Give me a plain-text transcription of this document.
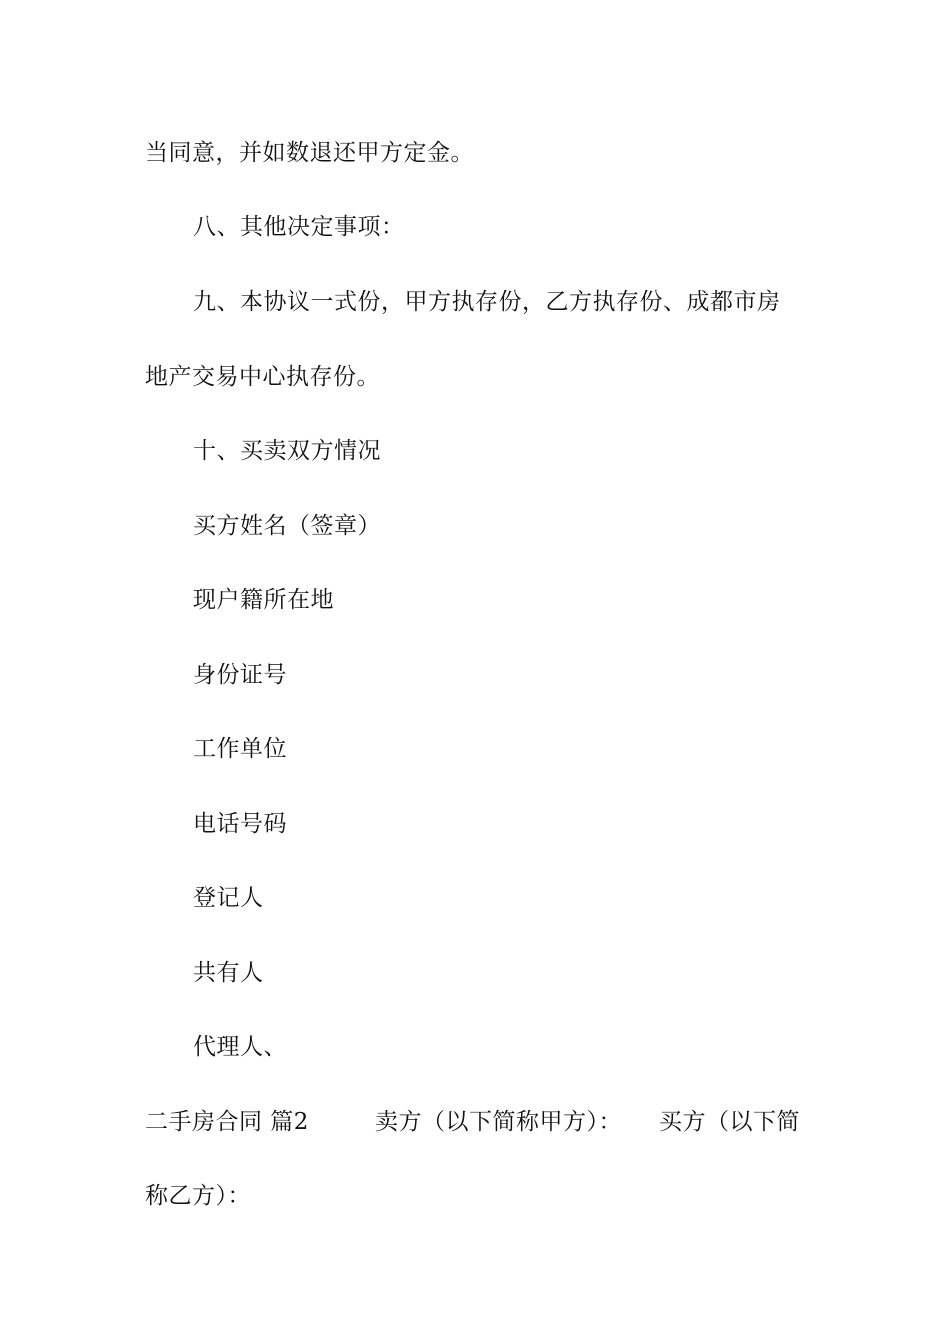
当同意，并如数退还甲方定金。
八、其他决定事项：
九、本协议一式份，甲方执存份，乙方执存份、成都市房
地产交易中心执存份。
十、买卖双方情况
买方姓名（签章）
现户籍所在地
身份证号
工作单位
电话号码
登记人
共有人
代理人、
二手房合同 篇2	卖方（以下简称甲方）： 买方（以下简
称乙方）：
